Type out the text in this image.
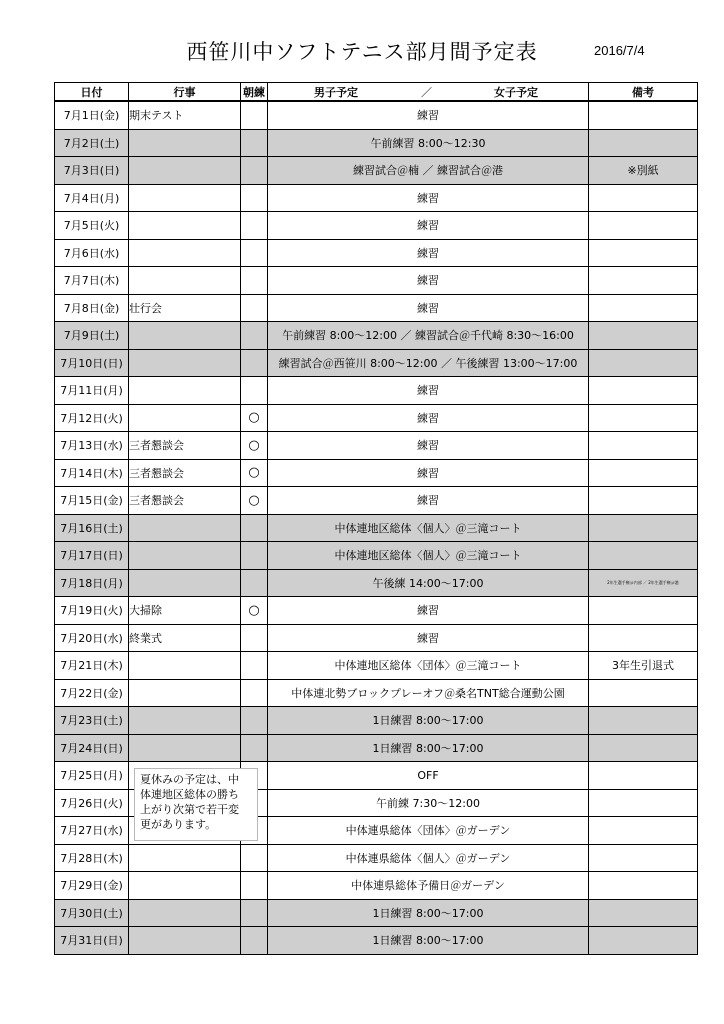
西笹川中ソフトテニス部月間予定表	2016/7/4
日付	行事	朝練	男子予定 ／ 女子予定	備考
7月1日(金)	期末テスト		練習	
7月2日(土)			午前練習 8:00～12:30	
7月3日(日)			練習試合＠楠 ／ 練習試合＠港	※別紙
7月4日(月)			練習	
7月5日(火)			練習	
7月6日(水)			練習	
7月7日(木)			練習	
7月8日(金)	壮行会		練習	
7月9日(土)			午前練習 8:00～12:00 ／ 練習試合＠千代崎 8:30～16:00	
7月10日(日)			練習試合＠西笹川 8:00～12:00 ／ 午後練習 13:00～17:00	
7月11日(月)			練習	
7月12日(火)		○	練習	
7月13日(水)	三者懇談会	○	練習	
7月14日(木)	三者懇談会	○	練習	
7月15日(金)	三者懇談会	○	練習	
7月16日(土)			中体連地区総体〈個人〉＠三滝コート	
7月17日(日)			中体連地区総体〈個人〉＠三滝コート	
7月18日(月)			午後練 14:00～17:00	2年生選手権＠内部 ／ 2年生選手権＠港
7月19日(火)	大掃除	○	練習	
7月20日(水)	終業式		練習	
7月21日(木)			中体連地区総体〈団体〉＠三滝コート	3年生引退式
7月22日(金)			中体連北勢ブロックプレーオフ＠桑名TNT総合運動公園	
7月23日(土)			1日練習 8:00～17:00	
7月24日(日)			1日練習 8:00～17:00	
7月25日(月)			OFF	
7月26日(火)			午前練 7:30～12:00	
7月27日(水)			中体連県総体〈団体〉＠ガーデン	
7月28日(木)			中体連県総体〈個人〉＠ガーデン	
7月29日(金)			中体連県総体予備日＠ガーデン	
7月30日(土)			1日練習 8:00～17:00	
7月31日(日)			1日練習 8:00～17:00	
夏休みの予定は、中
体連地区総体の勝ち
上がり次第で若干変
更があります。
